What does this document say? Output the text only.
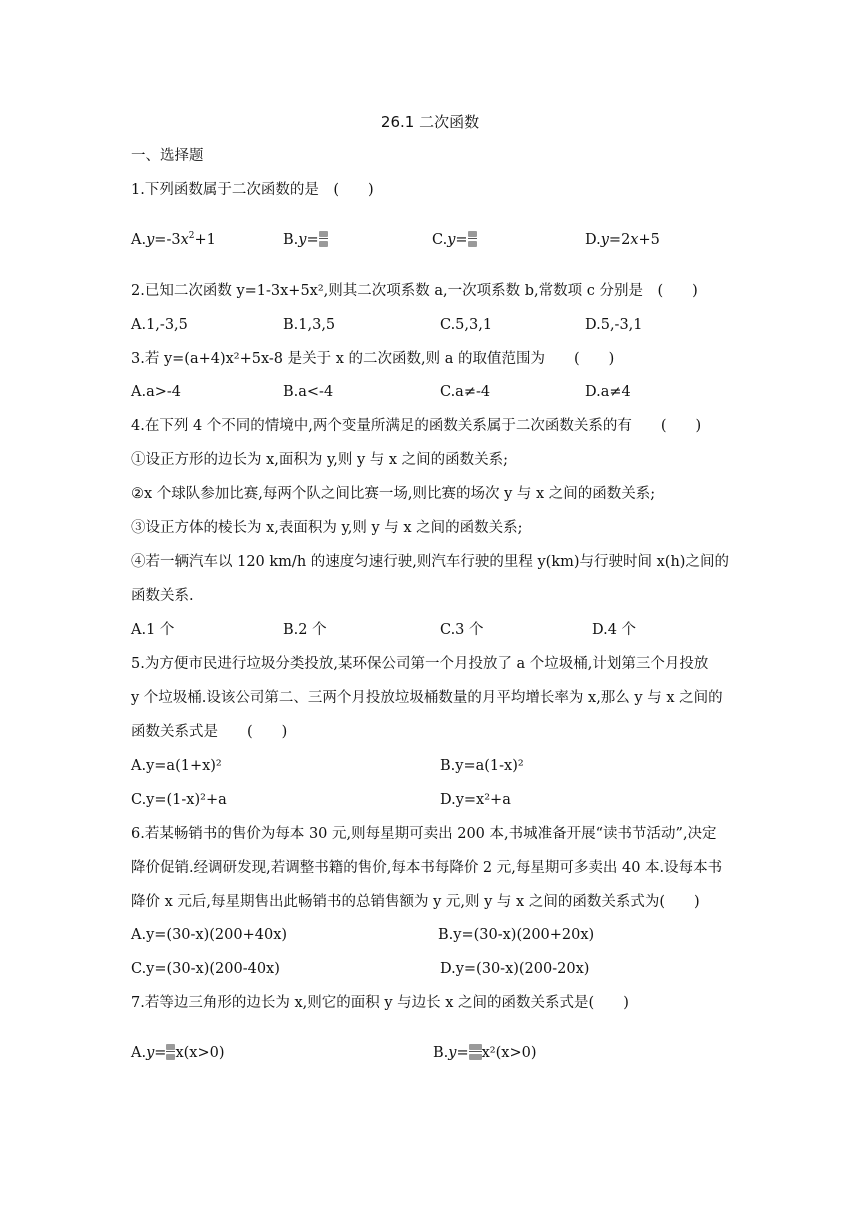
26.1 二次函数
一、选择题
1.下列函数属于二次函数的是　(　　)
$A.y=-3x^2+1$	B.y=	C.y=	D.y=2x+5
2.已知二次函数 y=1-3x+5x²,则其二次项系数 a,一次项系数 b,常数项 c 分别是　(　　)
A.1,-3,5	B.1,3,5	C.5,3,1	D.5,-3,1
3.若 y=(a+4)x²+5x-8 是关于 x 的二次函数,则 a 的取值范围为　　(　　)
A.a>-4	B.a<-4	C.a≠-4	D.a≠4
4.在下列 4 个不同的情境中,两个变量所满足的函数关系属于二次函数关系的有　　(　　)
①设正方形的边长为 x,面积为 y,则 y 与 x 之间的函数关系;
②x 个球队参加比赛,每两个队之间比赛一场,则比赛的场次 y 与 x 之间的函数关系;
③设正方体的棱长为 x,表面积为 y,则 y 与 x 之间的函数关系;
④若一辆汽车以 120 km/h 的速度匀速行驶,则汽车行驶的里程 y(km)与行驶时间 x(h)之间的
函数关系.
A.1 个	B.2 个	C.3 个	D.4 个
5.为方便市民进行垃圾分类投放,某环保公司第一个月投放了 a 个垃圾桶,计划第三个月投放
y 个垃圾桶.设该公司第二、三两个月投放垃圾桶数量的月平均增长率为 x,那么 y 与 x 之间的
函数关系式是　　(　　)
A.y=a(1+x)²	B.y=a(1-x)²
C.y=(1-x)²+a	D.y=x²+a
6.若某畅销书的售价为每本 30 元,则每星期可卖出 200 本,书城准备开展“读书节活动”,决定
降价促销.经调研发现,若调整书籍的售价,每本书每降价 2 元,每星期可多卖出 40 本.设每本书
降价 x 元后,每星期售出此畅销书的总销售额为 y 元,则 y 与 x 之间的函数关系式为(　　)
A.y=(30-x)(200+40x)	B.y=(30-x)(200+20x)
C.y=(30-x)(200-40x)	D.y=(30-x)(200-20x)
7.若等边三角形的边长为 x,则它的面积 y 与边长 x 之间的函数关系式是(　　)
A.y= x(x>0)	B.y= x²(x>0)
